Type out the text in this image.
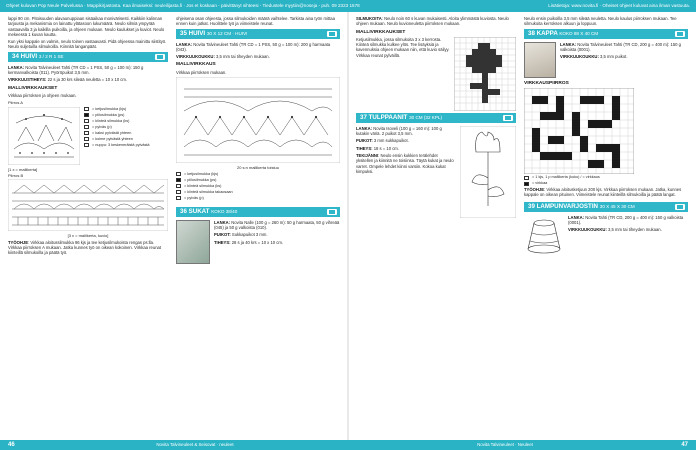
Ohjeet kuluvan Pop Neule Palvelussa · Mappikirjastosta. Kaa ilmaiseksi: neuleilijasta.fi · Jos et koskaan - päivittänyt sihteesi - Tiedustele myytiin@noseja - puh. 09 2323 1578	Lisätietoja: www.novita.fi · Oheiset ohjeet kuluvat aina ilman vastuuta.

lappi 90 cm. Pitoisuuden alavaunuppiaan sisäaikaa monivärisesti. Kaikkiin kalinnan tarjousta ja mekanismia on lainattu ylätasoon lukumäärä. Neulo silmiä ympyrää vastaavalla 3 ja kaikilla puikoilla, ja ohjeen mukaan. Neulo kaulukset ja kuviot. Neulo mekeessä 1 kuvan kautta.

Kun yksi kappale on valmis, neulo toinen vastaavasti. Pidä ohjeessa mainittu siistityö. Neulo suljetuilla silmukoilla. Kiinnitä langanpäät.

34 HUIVI 3 / 2 R 1 SE

LANKA: Novita Talvineuleet Tahti (TR CD = 1 PSS, 50 g = 100 m): 150 g kermanvalkoista (011). Pyöröpuikot 3,5 mm.

VIRKKUUSTIHEYS: 22 s ja 30 krs sileää neuletta = 10 x 10 cm.

MALLIVIRKKAUKSET

Virkkaa piirroksen ja ohjeen mukaan.

Piirros A
= ketjusilmukka (kjs)
= piilosilmukka (ps)
= kiinteä silmukka (ks)
= pylväs (p)
= kaksi pylvästä yhteen
= kolme pylvästä yhteen
= nuppu: 3 keskeneräistä pylvästä
[1 x = mallikerta]
Piirros B
[3 x = mallikerta, kuvio]

TYÖOHJE: Virkkaa aloitussilmukka 96 kjs ja tee ketjusilmukoista rengas ps:lla. Virkkaa piirroksen A mukaan. Jatka kunnes työ on oikean kokoinen. Virkkaa reunat kiinteillä silmukoilla ja päätä työ.

ohjeisena osan ohjeesta, jossa silmukoiden määrä vaihtelee. Tarkista aina työn mittaa ennen kuin jatkat. Huolittele työ ja viimeistele reunat.

35 HUIVI 30 X 12 CM · HUIVI

LANKA: Novita Talvineuleet Tahti (TR CD = 1 PSS, 50 g = 100 m): 200 g harmaata (043).

VIRKKUUKOUKKU: 3,5 mm tai tiheyden mukaan.

MALLIVIRKKAUS

Virkkaa piirroksen mukaan.

20 s:n mallikerta toistuu
= ketjusilmukka (kjs)
= piilosilmukka (ps)
= kiinteä silmukka (ks)
= kiinteä silmukka takaosaan
= pylväs (p)
36 SUKAT KOKO 38/40

LANKA: Novita Nalle (100 g = 260 m): 50 g harmaata, 50 g vihreää (045) ja 50 g valkoista (010).

PUIKOT: Sukkapuikot 3 mm.

TIHEYS: 28 s ja 40 krs = 10 x 10 cm.

SILMUKOITA: Neulo noin 60 s kuvan mukaisesti. Aloita ylimmästä kuviosta. Neulo ohjeen mukaan. Neulo kuvioneuletta piirroksen mukaan.

MALLIVIRKKAUKSET

Ketjusilmukka, jossa silmukoita 3 x 3 kerrosta. Kiinteä silmukka kulkee ylös. Tee lisäyksiä ja kavennuksia ohjeen mukaan niin, että kuvio säilyy. Virkkaa reunat pylväillä.

37 TULPPAANIT 30 CM (32 KPL)

LANKA: Novita Isoveli (100 g = 160 m): 100 g kutakin väriä. 2 puikot 3,5 mm.

PUIKOT: 3 mm sukkapuikot.

TIHEYS: 18 s = 10 cm.

TEKIJÄNNI: Neulo ensin kukkien terälehdet yksitellen ja kiinnitä ne toisiinsa. Täytä kukat ja neulo varret. Ompele lehdet kiinni varsiin. Kokoa kukat kimpuksi.

Neulo ensin puikoilla 3,5 mm sileää neuletta. Neulo kaulus piirroksen mukaan. Tee silmukoita kerroksen alkuun ja loppuun.

38 KAPPA KOKO 88 X 40 CM

LANKA: Novita Talvineuleet Tahti (TR CD, 200 g = 400 m): 150 g valkoista (0001).

VIRKKUUKOUKKU: 3,5 mm puikot.

VIRKKAUSPIIRROS
= 1 kjs, 1 p mallikerta (koko) / = virkkaus
= virkkaa

TYÖOHJE: Virkkaa aloitusketjuun 200 kjs. Virkkaa piirroksen mukaan. Jatka, kunnes kappale on oikean pituinen. Viimeistele reunat kiinteillä silmukoilla ja päätä langat.

39 LAMPUNVARJOSTIN 30 X 45 X 30 CM

LANKA: Novita Tahti (TR CD, 200 g = 400 m): 150 g valkoista (0001).

VIRKKUUKOUKKU: 3,5 mm tai tiheyden mukaan.

46	Novita Talvineuleet & Seisovat · neuleet	Novita Talvineuleet · Neuleet	47
